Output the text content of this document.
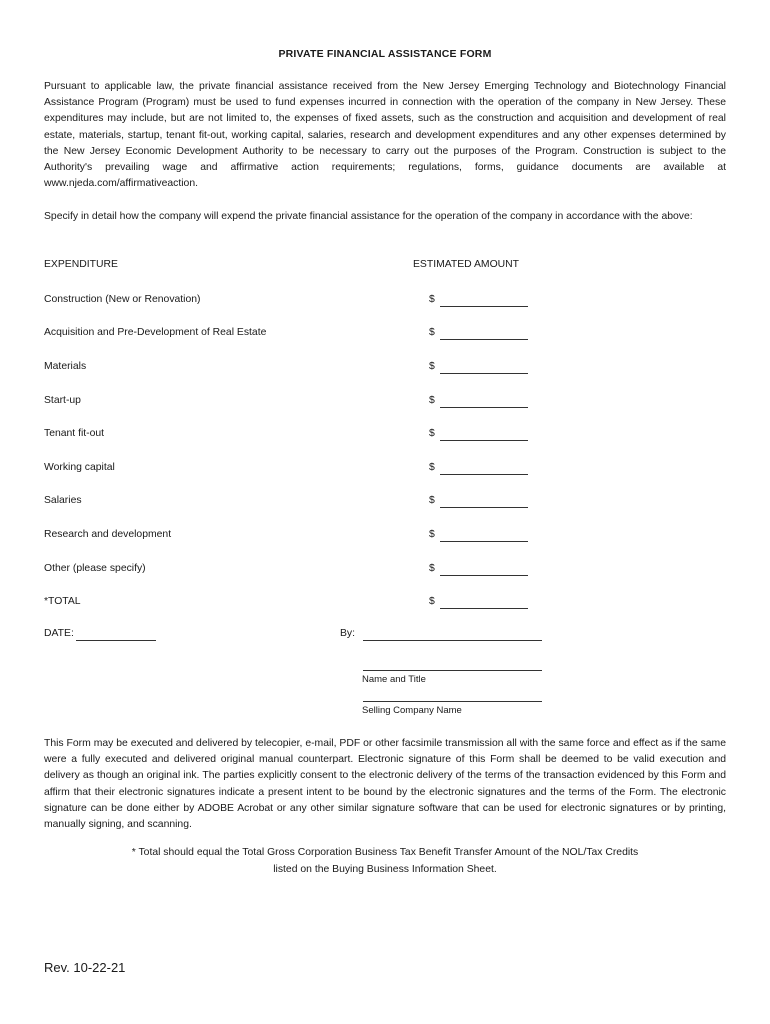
PRIVATE FINANCIAL ASSISTANCE FORM
Pursuant to applicable law, the private financial assistance received from the New Jersey Emerging Technology and Biotechnology Financial Assistance Program (Program) must be used to fund expenses incurred in connection with the operation of the company in New Jersey. These expenditures may include, but are not limited to, the expenses of fixed assets, such as the construction and acquisition and development of real estate, materials, startup, tenant fit-out, working capital, salaries, research and development expenditures and any other expenses determined by the New Jersey Economic Development Authority to be necessary to carry out the purposes of the Program. Construction is subject to the Authority's prevailing wage and affirmative action requirements; regulations, forms, guidance documents are available at www.njeda.com/affirmativeaction.
Specify in detail how the company will expend the private financial assistance for the operation of the company in accordance with the above:
EXPENDITURE	ESTIMATED AMOUNT
Construction (New or Renovation)	$
Acquisition and Pre-Development of Real Estate	$
Materials	$
Start-up	$
Tenant fit-out	$
Working capital	$
Salaries	$
Research and development	$
Other (please specify)	$
*TOTAL	$
DATE:	By:
Name and Title
Selling Company Name
This Form may be executed and delivered by telecopier, e-mail, PDF or other facsimile transmission all with the same force and effect as if the same were a fully executed and delivered original manual counterpart. Electronic signature of this Form shall be deemed to be valid execution and delivery as though an original ink. The parties explicitly consent to the electronic delivery of the terms of the transaction evidenced by this Form and affirm that their electronic signatures indicate a present intent to be bound by the electronic signatures and the terms of the Form. The electronic signature can be done either by ADOBE Acrobat or any other similar signature software that can be used for electronic signatures or by printing, manually signing, and scanning.
* Total should equal the Total Gross Corporation Business Tax Benefit Transfer Amount of the NOL/Tax Credits
listed on the Buying Business Information Sheet.
Rev. 10-22-21
